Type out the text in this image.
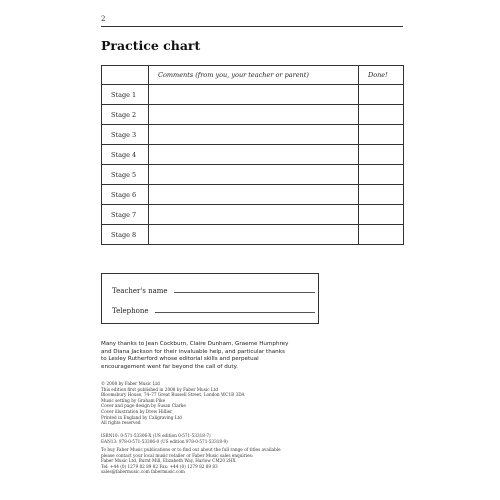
2
Practice chart
	Comments (from you, your teacher or parent)	Done!
Stage 1		
Stage 2		
Stage 3		
Stage 4		
Stage 5		
Stage 6		
Stage 7		
Stage 8		
Teacher's name
Telephone
Many thanks to Jean Cockburn, Claire Dunham, Graeme Humphrey
and Diana Jackson for their invaluable help, and particular thanks
to Lesley Rutherford whose editorial skills and perpetual
encouragement went far beyond the call of duty.
© 2008 by Faber Music Ltd
This edition first published in 2008 by Faber Music Ltd
Bloomsbury House, 74–77 Great Russell Street, London WC1B 3DA
Music setting by Graham Pike
Cover and page design by Susan Clarke
Cover illustration by Drew Hillier
Printed in England by Caligraving Ltd
All rights reserved
ISBN10: 0-571-53306-X (US edition 0-571-53318-7)
EAN13: 978-0-571-53306-0 (US edition 978-0-571-53318-9)
To buy Faber Music publications or to find out about the full range of titles available
please contact your local music retailer or Faber Music sales enquiries:
Faber Music Ltd, Burnt Mill, Elizabeth Way, Harlow CM20 2HX
Tel: +44 (0) 1279 82 89 82 Fax: +44 (0) 1279 82 89 83
sales@fabermusic.com fabermusic.com
